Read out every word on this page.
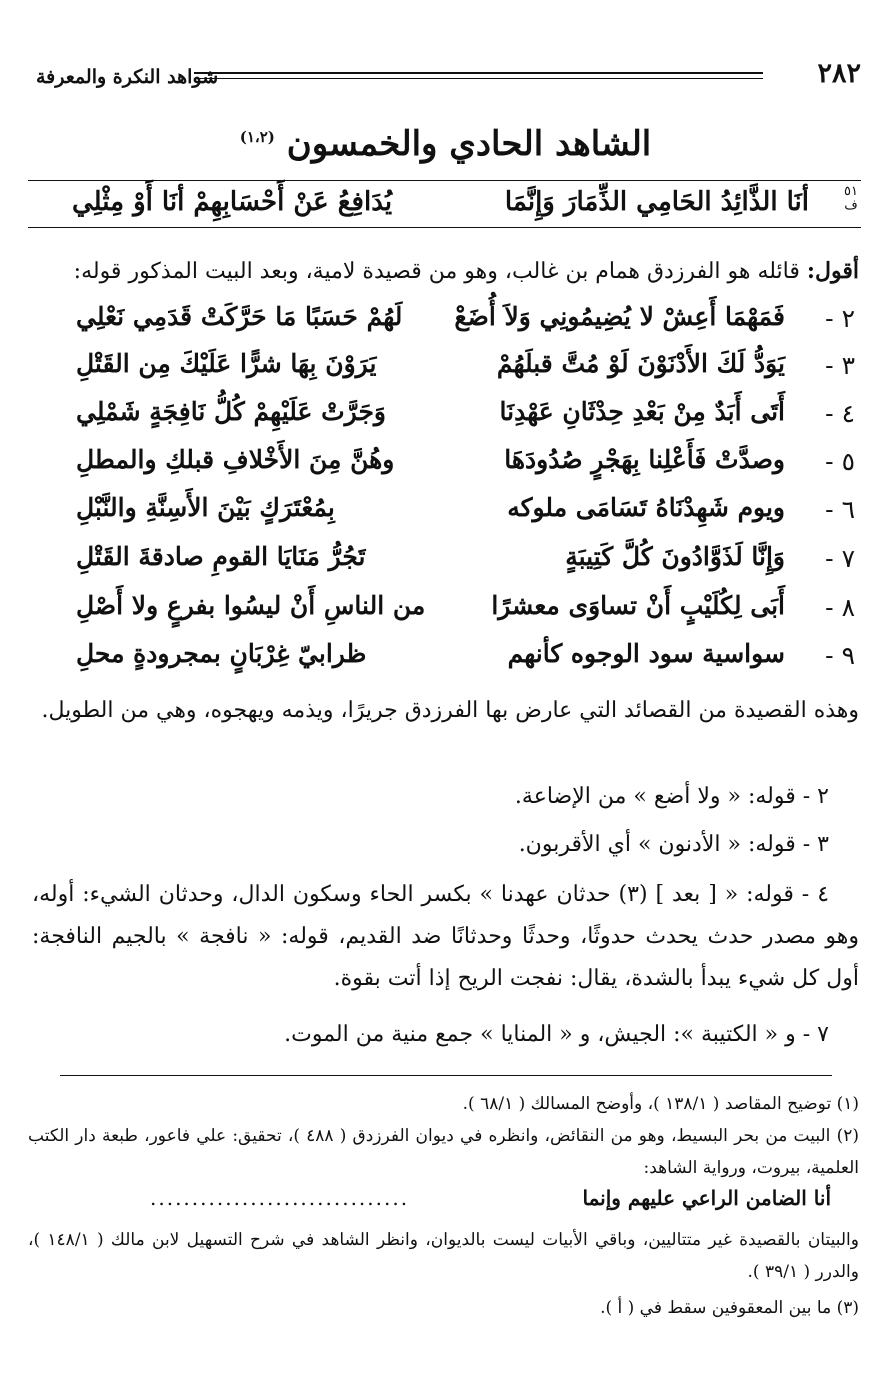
٢٨٢
شواهد النكرة والمعرفة
الشاهد الحادي والخمسون $^{(١،٢)}$
٥١
ف
أنَا الذَّائِدُ الحَامِي الذِّمَارَ وَإِنَّمَا
يُدَافِعُ عَنْ أَحْسَابِهِمْ أنَا أَوْ مِثْلِي
أقول: قائله هو الفرزدق همام بن غالب، وهو من قصيدة لامية، وبعد البيت المذكور قوله:
٢ -
فَمَهْمَا أَعِشْ لا يُضِيمُونِي وَلاَ أُضَعْ
لَهُمْ حَسَبًا مَا حَرَّكَتْ قَدَمِي نَعْلِي
٣ -
يَوَدُّ لَكَ الأَدْنَوْنَ لَوْ مُتَّ قبلَهُمْ
يَرَوْنَ بِهَا شرًّا عَلَيْكَ مِن القَتْلِ
٤ -
أَتَى أَبَدٌ مِنْ بَعْدِ حِدْثَانِ عَهْدِنَا
وَجَرَّتْ عَلَيْهِمْ كُلُّ نَافِجَةٍ شَمْلِي
٥ -
وصدَّتْ فَأَعْلِنا بِهَجْرٍ صُدُودَهَا
وهُنَّ مِنَ الأَخْلافِ قبلكِ والمطلِ
٦ -
ويوم شَهِدْنَاهُ تَسَامَى ملوكه
بِمُعْتَرَكٍ بَيْنَ الأَسِنَّةِ والنَّبْلِ
٧ -
وَإِنَّا لَذَوَّادُونَ كُلَّ كَتِيبَةٍ
تَجُرُّ مَنَايَا القومِ صادقةَ القَتْلِ
٨ -
أَبَى لِكُلَيْبٍ أَنْ تساوَى معشرًا
من الناسِ أَنْ ليسُوا بفرعٍ ولا أَصْلِ
٩ -
سواسية سود الوجوه كأنهم
ظرابيّ غِرْبَانٍ بمجرودةٍ محلِ
وهذه القصيدة من القصائد التي عارض بها الفرزدق جريرًا، ويذمه ويهجوه، وهي من الطويل.
٢ - قوله: « ولا أضع » من الإضاعة.
٣ - قوله: « الأدنون » أي الأقربون.
٤ - قوله: « [ بعد ] (٣) حدثان عهدنا » بكسر الحاء وسكون الدال، وحدثان الشيء: أوله، وهو مصدر حدث يحدث حدوثًا، وحدثًا وحدثانًا ضد القديم، قوله: « نافجة » بالجيم النافجة: أول كل شيء يبدأ بالشدة، يقال: نفجت الريح إذا أتت بقوة.
٧ - و « الكتيبة »: الجيش، و « المنايا » جمع منية من الموت.
(١) توضيح المقاصد ( ١٣٨/١ )، وأوضح المسالك ( ٦٨/١ ).
(٢) البيت من بحر البسيط، وهو من النقائض، وانظره في ديوان الفرزدق ( ٤٨٨ )، تحقيق: علي فاعور، طبعة دار الكتب العلمية، بيروت، ورواية الشاهد:
أنا الضامن الراعي عليهم وإنما
...............................
والبيتان بالقصيدة غير متتاليين، وباقي الأبيات ليست بالديوان، وانظر الشاهد في شرح التسهيل لابن مالك ( ١٤٨/١ )، والدرر ( ٣٩/١ ).
(٣) ما بين المعقوفين سقط في ( أ ).
